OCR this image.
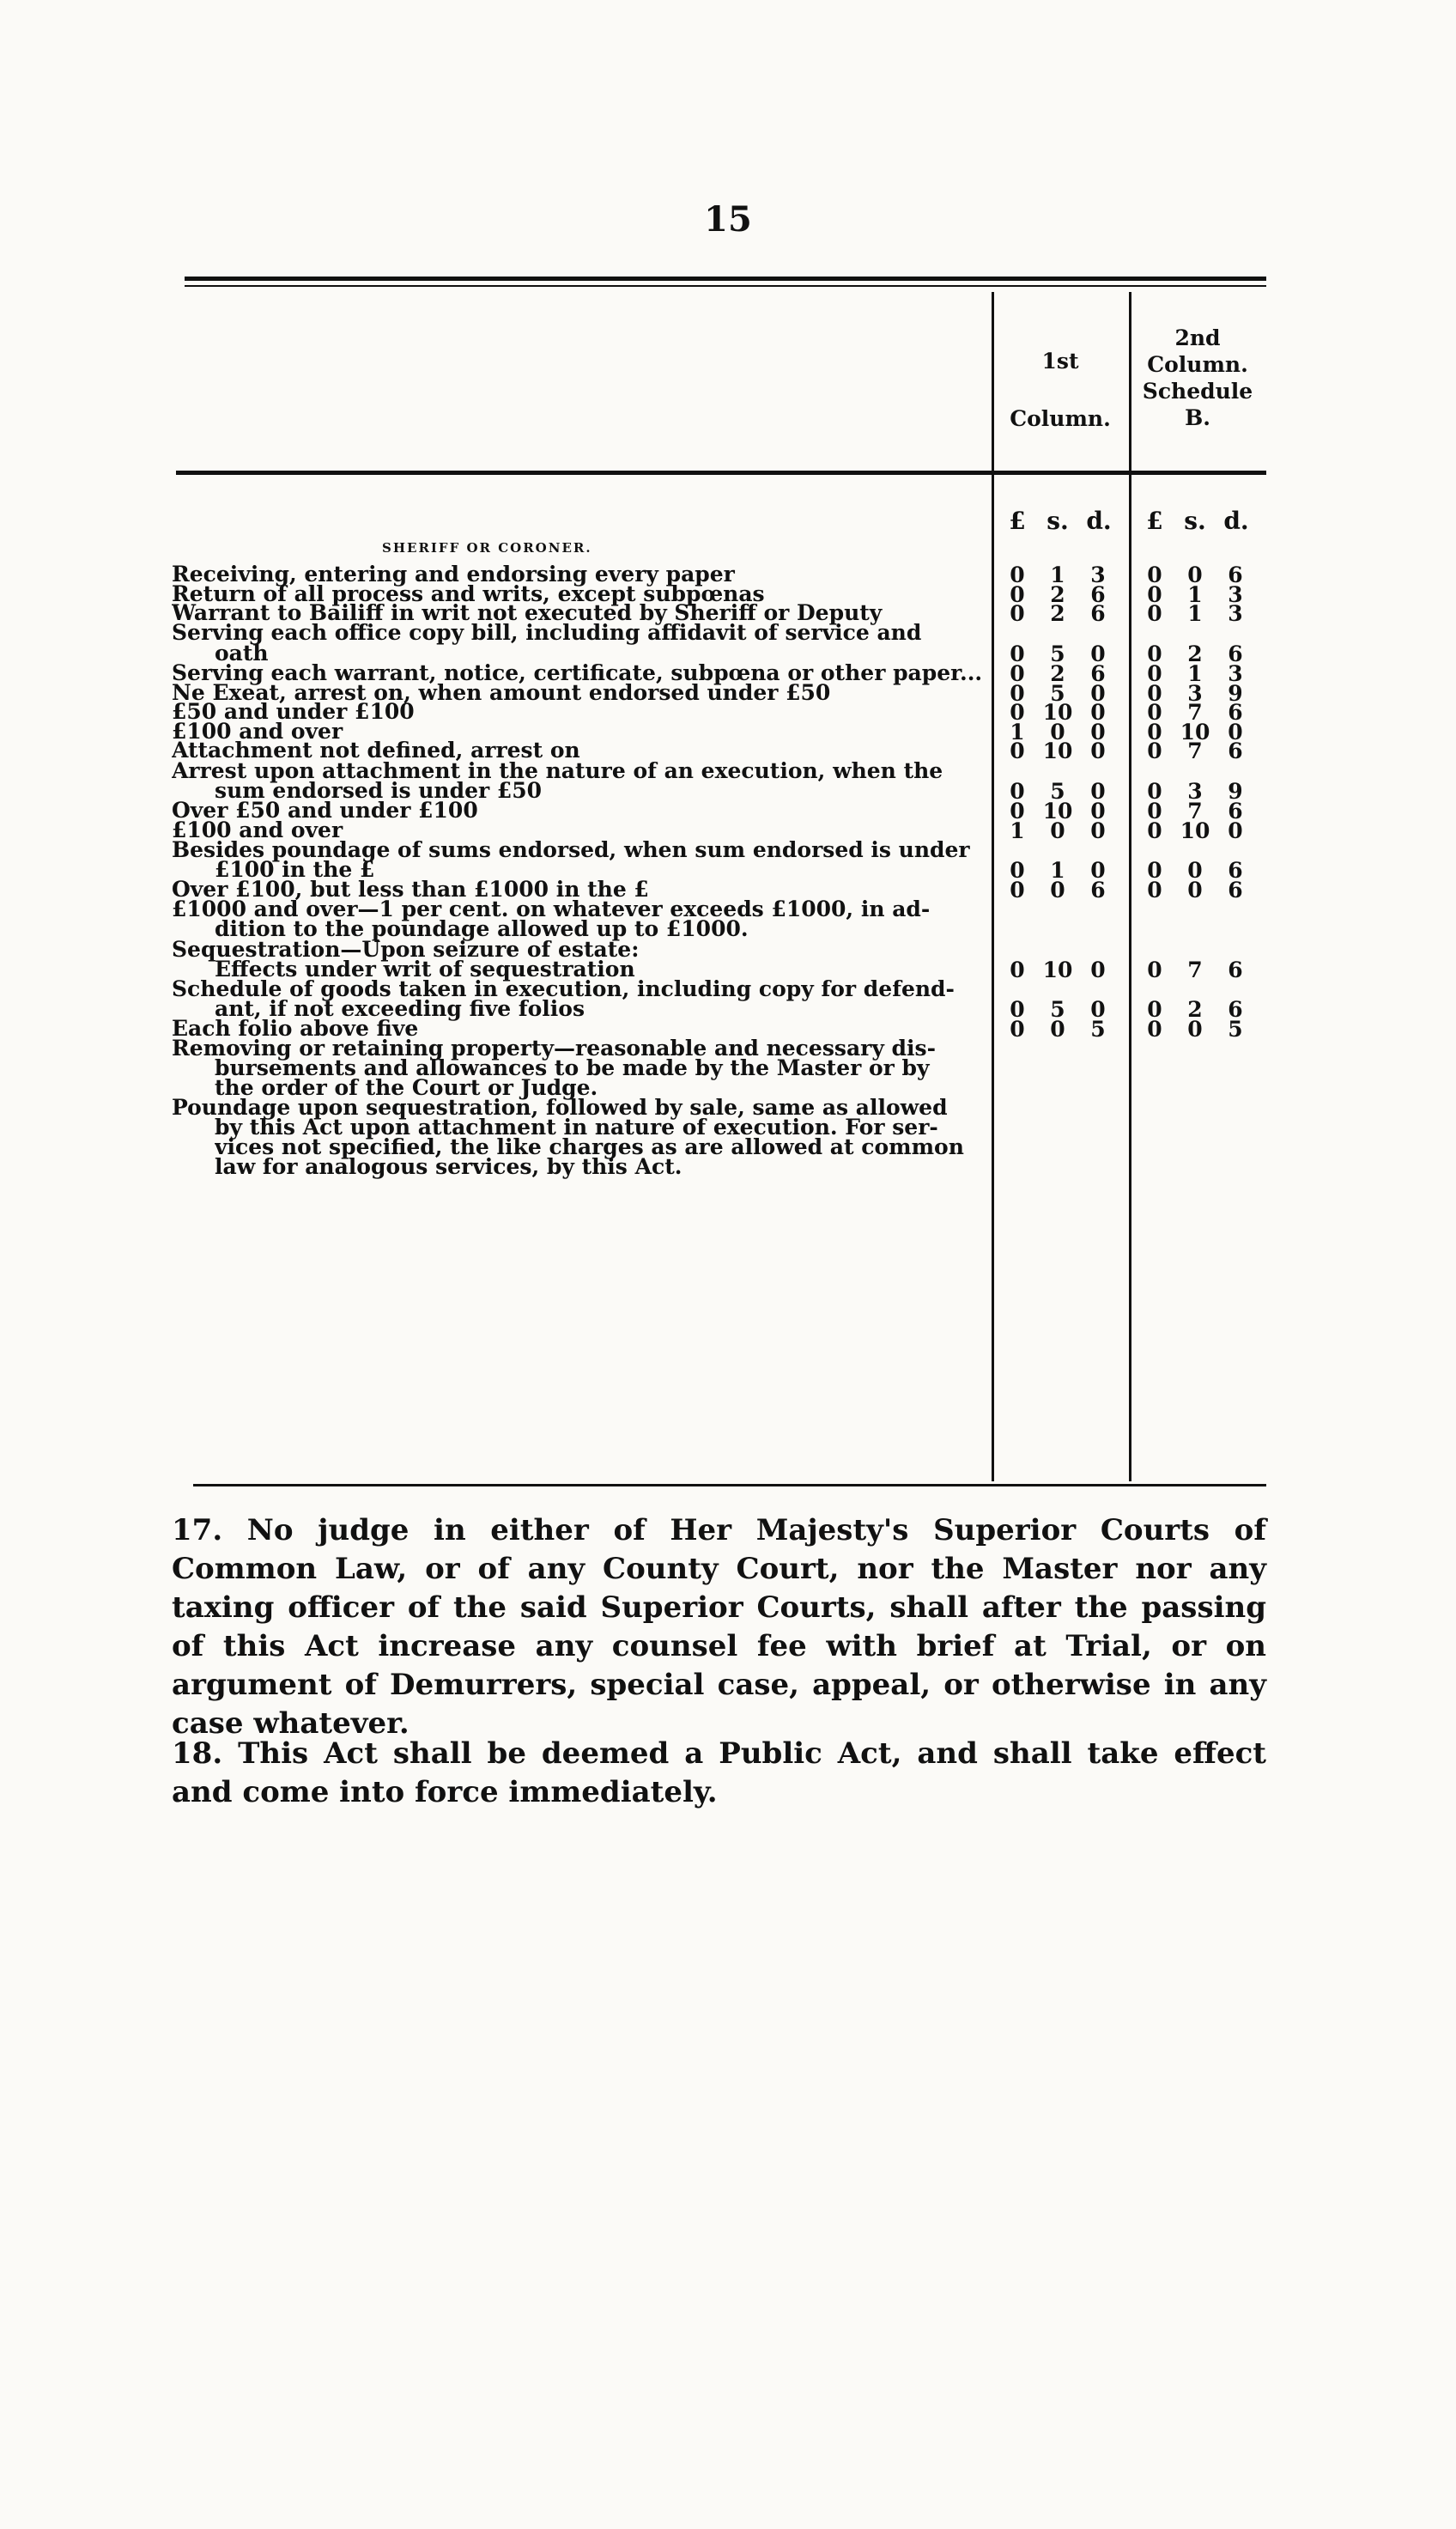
15
1st
Column.
2nd
Column.
Schedule
B.
£ s. d.	£ s. d.
SHERIFF OR CORONER.
Receiving, entering and endorsing every paper	0	1	3	0	0	6
Return of all process and writs, except subpœnas	0	2	6	0	1	3
Warrant to Bailiff in writ not executed by Sheriff or Deputy	0	2	6	0	1	3
Serving each office copy bill, including affidavit of service and
oath	0	5	0	0	2	6
Serving each warrant, notice, certificate, subpœna or other paper...	0	2	6	0	1	3
Ne Exeat, arrest on, when amount endorsed under £50	0	5	0	0	3	9
£50 and under £100	0 10 0	0	7	6
£100 and over	1	0	0	0 10 0
Attachment not defined, arrest on	0 10 0	0	7	6
Arrest upon attachment in the nature of an execution, when the
sum endorsed is under £50	0	5	0	0	3	9
Over £50 and under £100	0 10 0	0	7	6
£100 and over	1	0	0	0 10 0
Besides poundage of sums endorsed, when sum endorsed is under
£100 in the £	0	1	0	0	0	6
Over £100, but less than £1000 in the £	0	0	6	0	0	6
£1000 and over—1 per cent. on whatever exceeds £1000, in ad-
dition to the poundage allowed up to £1000.
Sequestration—Upon seizure of estate:
Effects under writ of sequestration	0 10 0	0	7	6
Schedule of goods taken in execution, including copy for defend-
ant, if not exceeding five folios	0	5	0	0	2	6
Each folio above five	0	0	5	0	0	5
Removing or retaining property—reasonable and necessary dis-
bursements and allowances to be made by the Master or by
the order of the Court or Judge.
Poundage upon sequestration, followed by sale, same as allowed
by this Act upon attachment in nature of execution. For ser-
vices not specified, the like charges as are allowed at common
law for analogous services, by this Act.
17. No judge in either of Her Majesty's Superior Courts of Common Law, or of any County Court, nor the Master nor any taxing officer of the said Superior Courts, shall after the passing of this Act increase any counsel fee with brief at Trial, or on argument of Demurrers, special case, appeal, or otherwise in any case whatever.
18. This Act shall be deemed a Public Act, and shall take effect and come into force immediately.
